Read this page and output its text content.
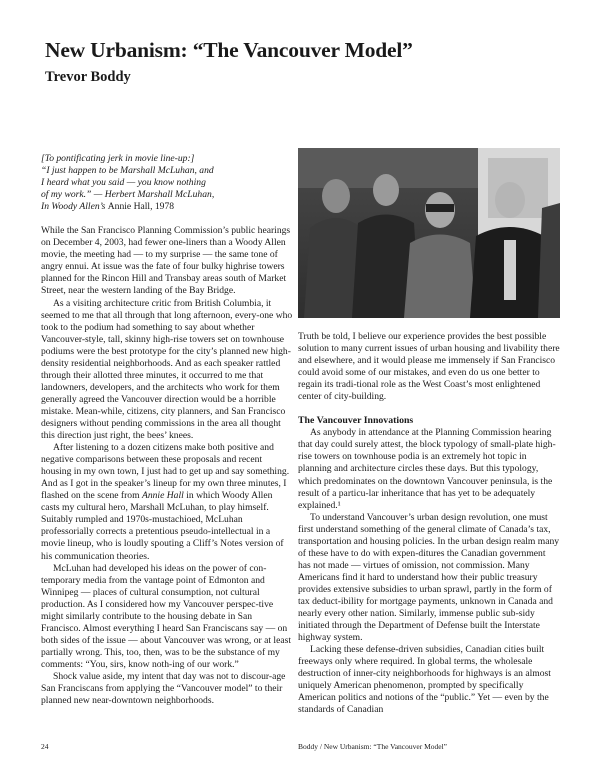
New Urbanism: “The Vancouver Model”

Trevor Boddy

[To pontificating jerk in movie line-up:]
“I just happen to be Marshall McLuhan, and
I heard what you said — you know nothing
of my work.” — Herbert Marshall McLuhan,
In Woody Allen’s Annie Hall, 1978

While the San Francisco Planning Commission’s public hearings on December 4, 2003, had fewer one-liners than a Woody Allen movie, the meeting had — to my surprise — the same tone of angry ennui. At issue was the fate of four bulky highrise towers planned for the Rincon Hill and Transbay areas south of Market Street, near the western landing of the Bay Bridge.

As a visiting architecture critic from British Columbia, it seemed to me that all through that long afternoon, every-one who took to the podium had something to say about whether Vancouver-style, tall, skinny high-rise towers set on townhouse podiums were the best prototype for the city’s planned new high-density residential neighborhoods. And as each speaker rattled through their allotted three minutes, it occurred to me that landowners, developers, and the architects who work for them generally agreed the Vancouver direction would be a horrible mistake. Mean-while, citizens, city planners, and San Francisco designers without pending commissions in the area all thought this direction just right, the bees’ knees.

After listening to a dozen citizens make both positive and negative comparisons between these proposals and recent housing in my own town, I just had to get up and say something. And as I got in the speaker’s lineup for my own three minutes, I flashed on the scene from Annie Hall in which Woody Allen casts my cultural hero, Marshall McLuhan, to play himself. Suitably rumpled and 1970s-mustachioed, McLuhan professorially corrects a pretentious pseudo-intellectual in a movie lineup, who is loudly spouting a Cliff’s Notes version of his communication theories.

McLuhan had developed his ideas on the power of con-temporary media from the vantage point of Edmonton and Winnipeg — places of cultural consumption, not cultural production. As I considered how my Vancouver perspec-tive might similarly contribute to the housing debate in San Francisco. Almost everything I heard San Franciscans say — on both sides of the issue — about Vancouver was wrong, or at least partially wrong. This, too, then, was to be the substance of my comments: “You, sirs, know noth-ing of our work.”

Shock value aside, my intent that day was not to discour-age San Franciscans from applying the “Vancouver model” to their planned new near-downtown neighborhoods.

Truth be told, I believe our experience provides the best possible solution to many current issues of urban housing and livability there and elsewhere, and it would please me immensely if San Francisco could avoid some of our mistakes, and even do us one better to regain its tradi-tional role as the West Coast’s most enlightened center of city-building.

The Vancouver Innovations

As anybody in attendance at the Planning Commission hearing that day could surely attest, the block typology of small-plate high-rise towers on townhouse podia is an extremely hot topic in planning and architecture circles these days. But this typology, which predominates on the downtown Vancouver peninsula, is the result of a particu-lar inheritance that has yet to be adequately explained.¹

To understand Vancouver’s urban design revolution, one must first understand something of the general climate of Canada’s tax, transportation and housing policies. In the urban design realm many of these have to do with expen-ditures the Canadian government has not made — virtues of omission, not commission. Many Americans find it hard to understand how their public treasury provides extensive subsidies to urban sprawl, partly in the form of tax deduct-ibility for mortgage payments, unknown in Canada and nearly every other nation. Similarly, immense public sub-sidy initiated through the Department of Defense built the Interstate highway system.

Lacking these defense-driven subsidies, Canadian cities built freeways only where required. In global terms, the wholesale destruction of inner-city neighborhoods for highways is an almost uniquely American phenomenon, prompted by specifically American politics and notions of the “public.” Yet — even by the standards of Canadian

24	Boddy / New Urbanism: “The Vancouver Model”
